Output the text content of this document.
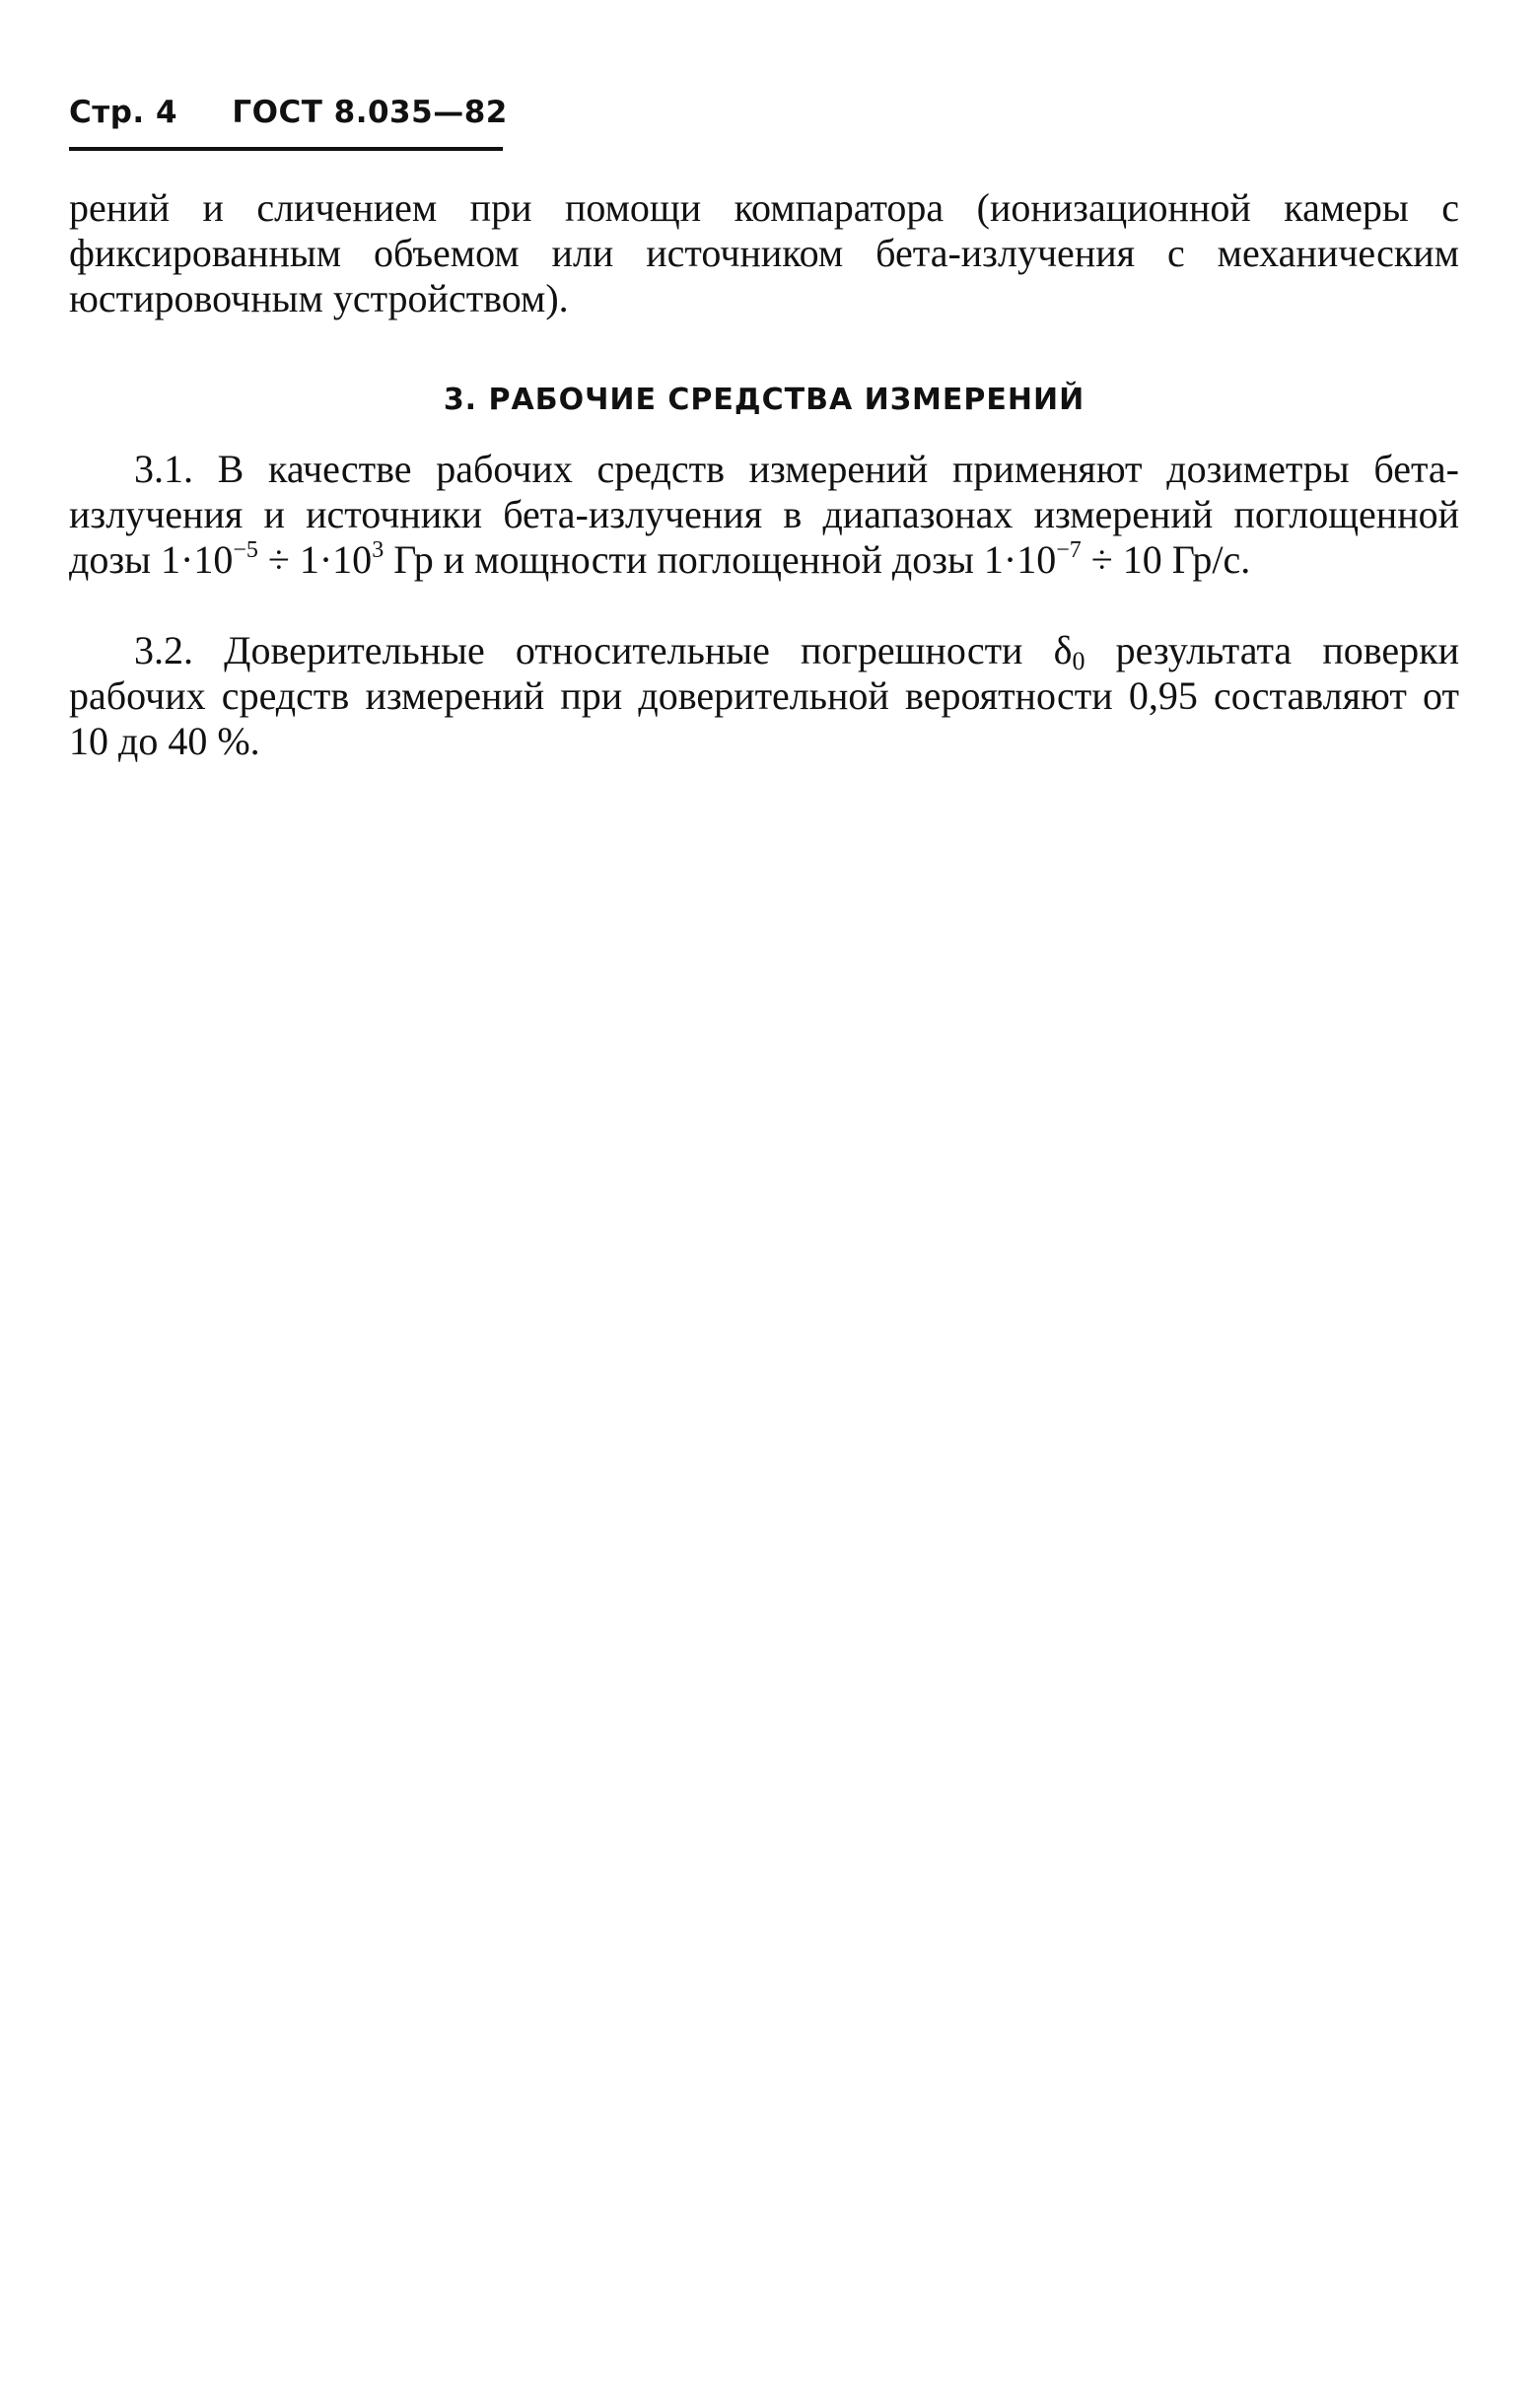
Стр. 4 ГОСТ 8.035—82

рений и сличением при помощи компаратора (ионизационной камеры с фиксированным объемом или источником бета-излучения с механическим юстировочным устройством).

3. РАБОЧИЕ СРЕДСТВА ИЗМЕРЕНИЙ

3.1. В качестве рабочих средств измерений применяют дозиметры бета-излучения и источники бета-излучения в диапазонах измерений поглощенной дозы $1\cdot 10^{-5} \div 1\cdot 10^3$ Гр и мощности поглощенной дозы $1\cdot 10^{-7} \div 10$ Гр/с.

3.2. Доверительные относительные погрешности $\delta_0$ результата поверки рабочих средств измерений при доверительной вероятности 0,95 составляют от 10 до 40 %.
